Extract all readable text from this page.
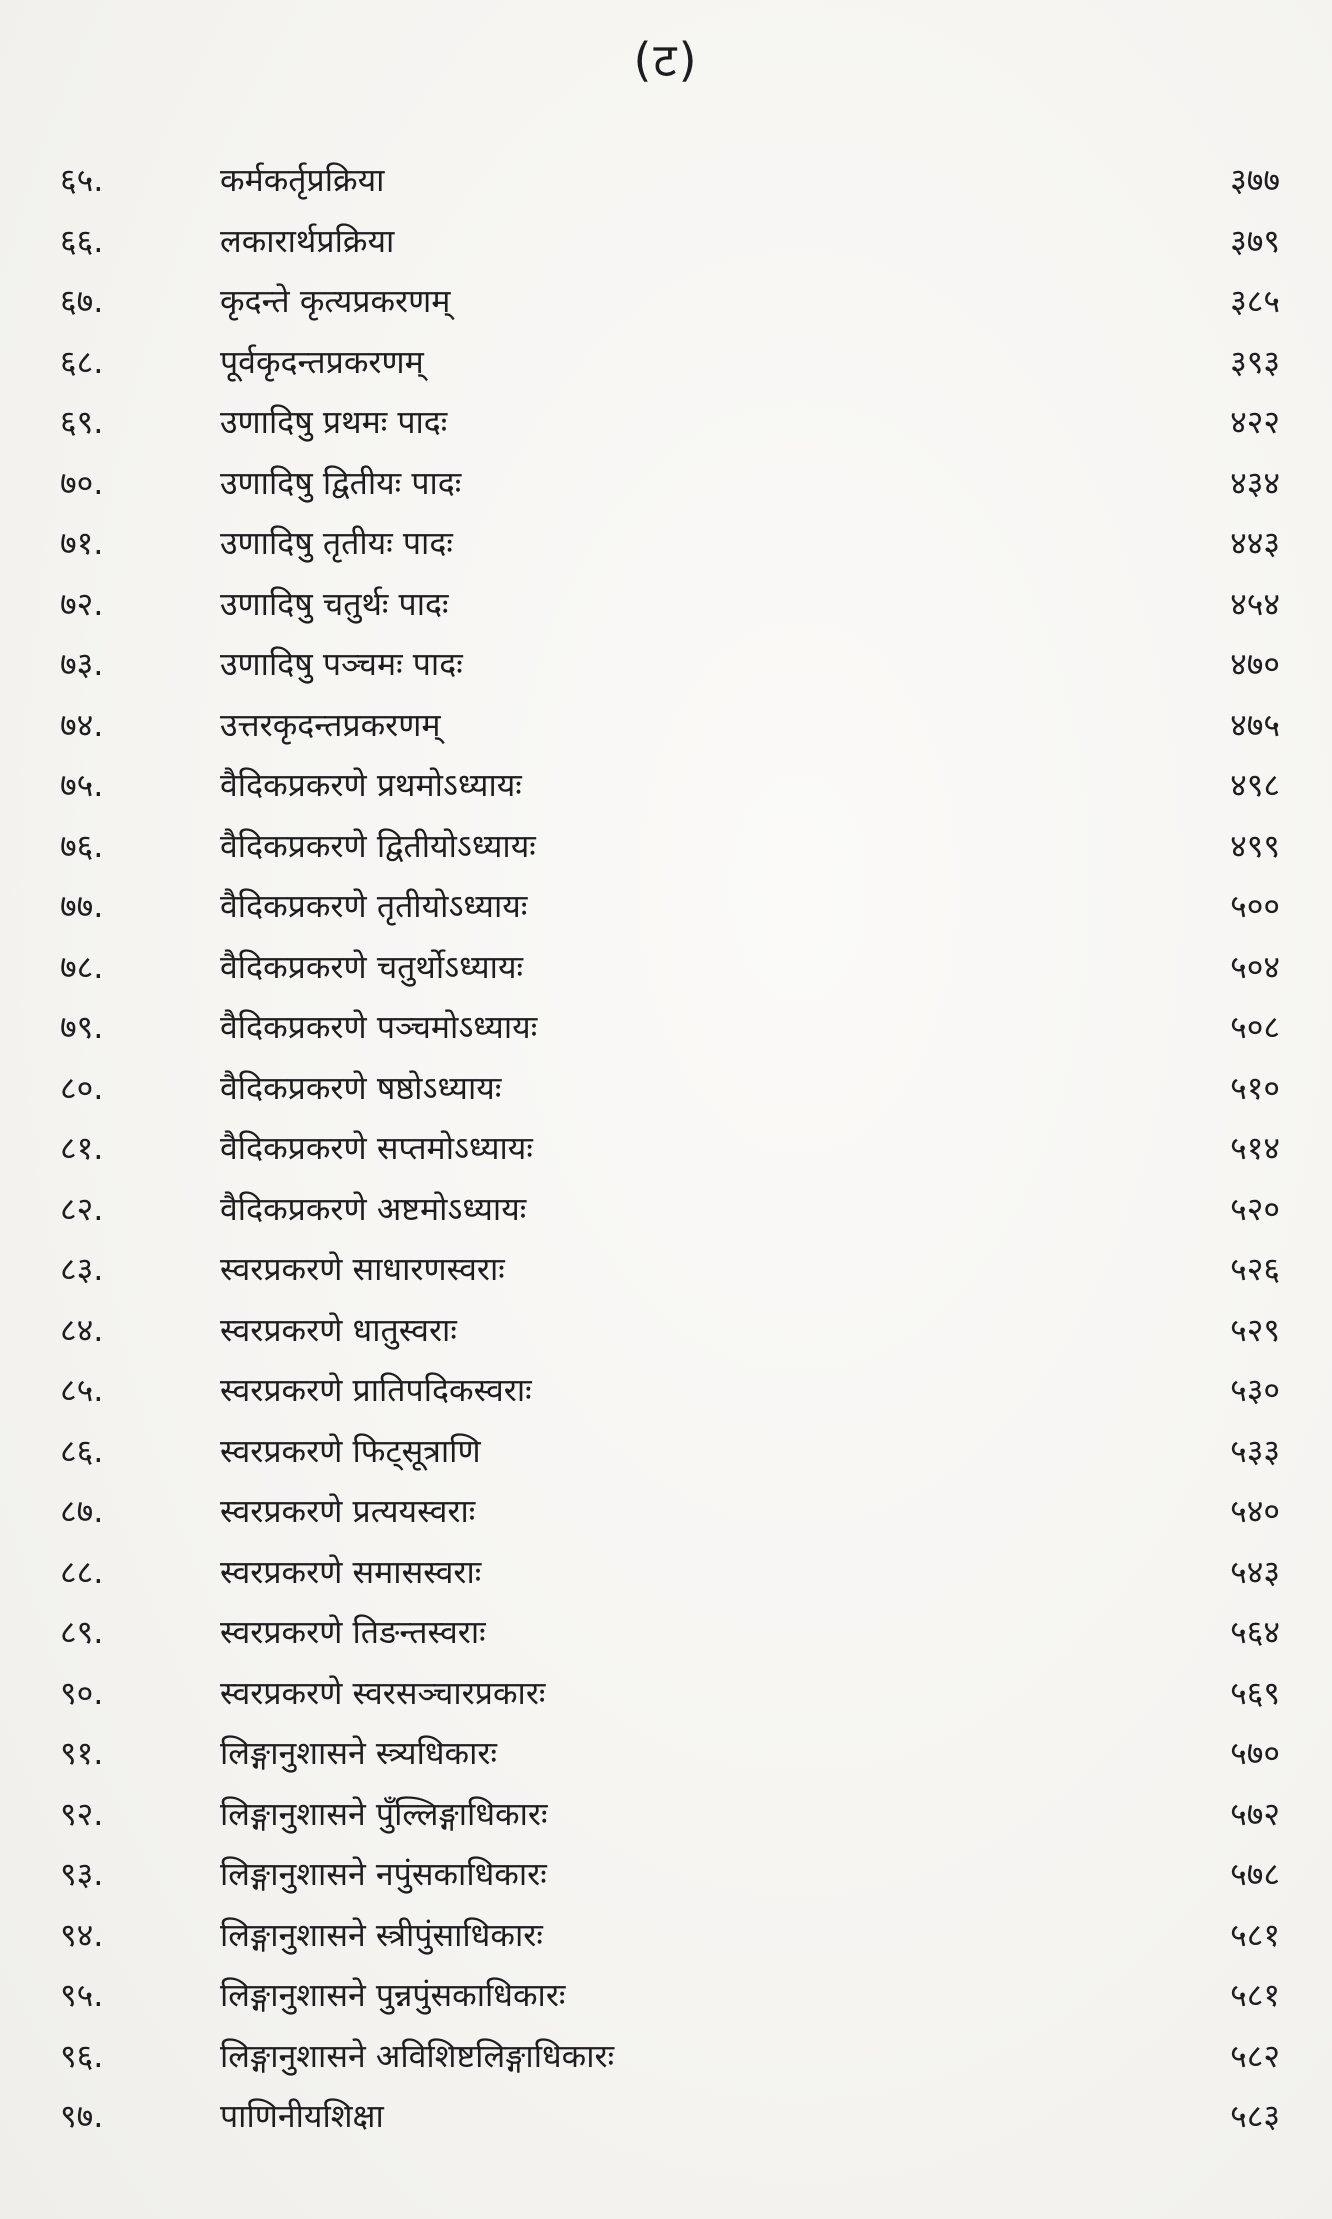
(ट)
६५.	कर्मकर्तृप्रक्रिया	३७७
६६.	लकारार्थप्रक्रिया	३७९
६७.	कृदन्ते कृत्यप्रकरणम्	३८५
६८.	पूर्वकृदन्तप्रकरणम्	३९३
६९.	उणादिषु प्रथमः पादः	४२२
७०.	उणादिषु द्वितीयः पादः	४३४
७१.	उणादिषु तृतीयः पादः	४४३
७२.	उणादिषु चतुर्थः पादः	४५४
७३.	उणादिषु पञ्चमः पादः	४७०
७४.	उत्तरकृदन्तप्रकरणम्	४७५
७५.	वैदिकप्रकरणे प्रथमोऽध्यायः	४९८
७६.	वैदिकप्रकरणे द्वितीयोऽध्यायः	४९९
७७.	वैदिकप्रकरणे तृतीयोऽध्यायः	५००
७८.	वैदिकप्रकरणे चतुर्थोऽध्यायः	५०४
७९.	वैदिकप्रकरणे पञ्चमोऽध्यायः	५०८
८०.	वैदिकप्रकरणे षष्ठोऽध्यायः	५१०
८१.	वैदिकप्रकरणे सप्तमोऽध्यायः	५१४
८२.	वैदिकप्रकरणे अष्टमोऽध्यायः	५२०
८३.	स्वरप्रकरणे साधारणस्वराः	५२६
८४.	स्वरप्रकरणे धातुस्वराः	५२९
८५.	स्वरप्रकरणे प्रातिपदिकस्वराः	५३०
८६.	स्वरप्रकरणे फिट्सूत्राणि	५३३
८७.	स्वरप्रकरणे प्रत्ययस्वराः	५४०
८८.	स्वरप्रकरणे समासस्वराः	५४३
८९.	स्वरप्रकरणे तिङन्तस्वराः	५६४
९०.	स्वरप्रकरणे स्वरसञ्चारप्रकारः	५६९
९१.	लिङ्गानुशासने स्त्र्यधिकारः	५७०
९२.	लिङ्गानुशासने पुँल्लिङ्गाधिकारः	५७२
९३.	लिङ्गानुशासने नपुंसकाधिकारः	५७८
९४.	लिङ्गानुशासने स्त्रीपुंसाधिकारः	५८१
९५.	लिङ्गानुशासने पुन्नपुंसकाधिकारः	५८१
९६.	लिङ्गानुशासने अविशिष्टलिङ्गाधिकारः	५८२
९७.	पाणिनीयशिक्षा	५८३
